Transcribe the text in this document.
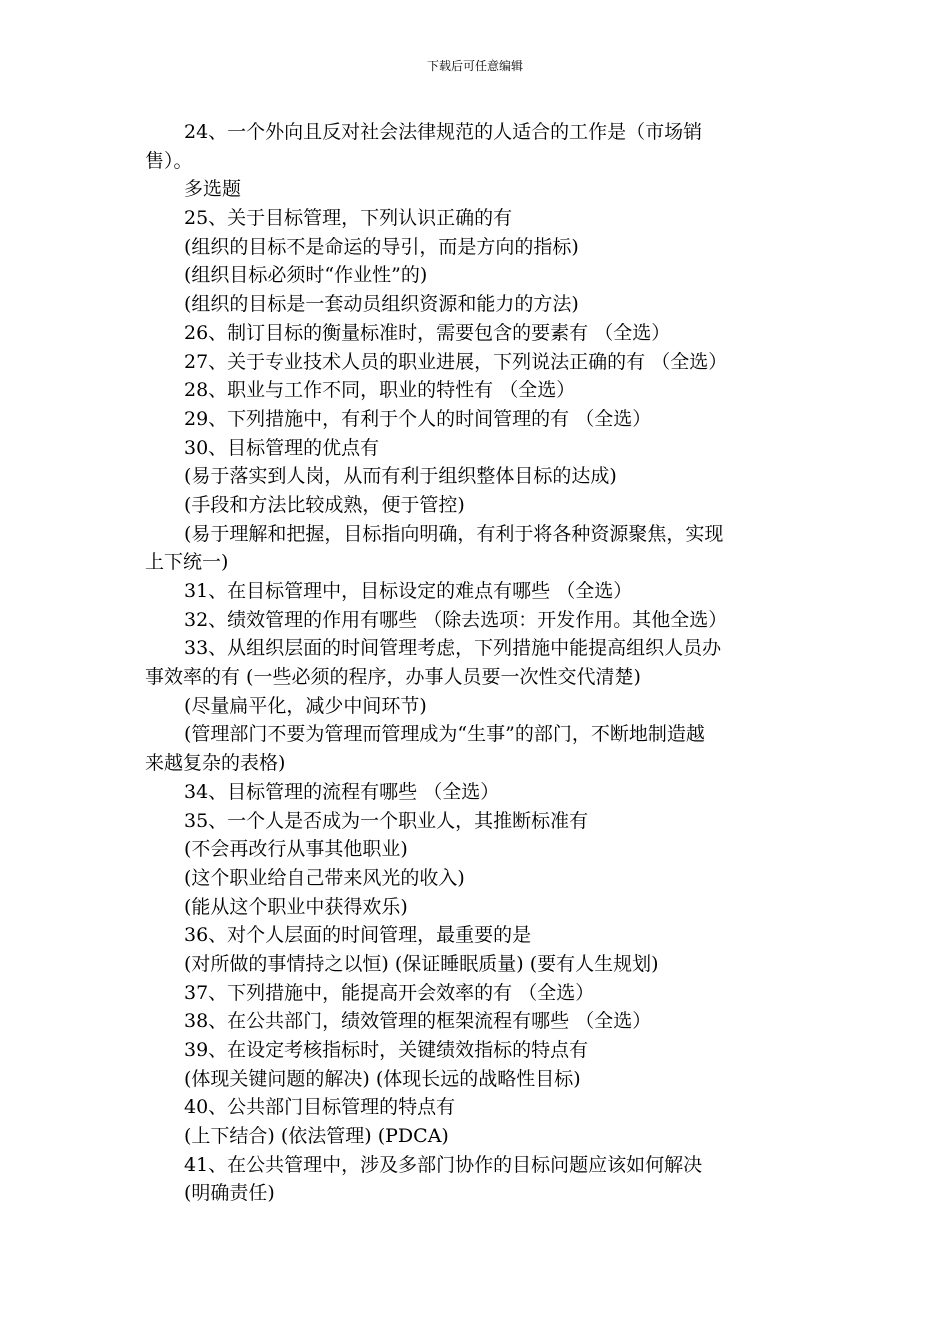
下载后可任意编辑
24、一个外向且反对社会法律规范的人适合的工作是（市场销
售）。
多选题
25、关于目标管理，下列认识正确的有
(组织的目标不是命运的导引，而是方向的指标)
(组织目标必须时“作业性”的)
(组织的目标是一套动员组织资源和能力的方法)
26、制订目标的衡量标准时，需要包含的要素有 （全选）
27、关于专业技术人员的职业进展，下列说法正确的有 （全选）
28、职业与工作不同，职业的特性有 （全选）
29、下列措施中，有利于个人的时间管理的有 （全选）
30、目标管理的优点有
(易于落实到人岗，从而有利于组织整体目标的达成)
(手段和方法比较成熟，便于管控)
(易于理解和把握，目标指向明确，有利于将各种资源聚焦，实现
上下统一)
31、在目标管理中，目标设定的难点有哪些 （全选）
32、绩效管理的作用有哪些 （除去选项：开发作用。其他全选）
33、从组织层面的时间管理考虑，下列措施中能提高组织人员办
事效率的有 (一些必须的程序，办事人员要一次性交代清楚)
(尽量扁平化，减少中间环节)
(管理部门不要为管理而管理成为“生事”的部门，不断地制造越
来越复杂的表格)
34、目标管理的流程有哪些 （全选）
35、一个人是否成为一个职业人，其推断标准有
(不会再改行从事其他职业)
(这个职业给自己带来风光的收入)
(能从这个职业中获得欢乐)
36、对个人层面的时间管理，最重要的是
(对所做的事情持之以恒) (保证睡眠质量) (要有人生规划)
37、下列措施中，能提高开会效率的有 （全选）
38、在公共部门，绩效管理的框架流程有哪些 （全选）
39、在设定考核指标时，关键绩效指标的特点有
(体现关键问题的解决) (体现长远的战略性目标)
40、公共部门目标管理的特点有
(上下结合) (依法管理) (PDCA)
41、在公共管理中，涉及多部门协作的目标问题应该如何解决
(明确责任)
